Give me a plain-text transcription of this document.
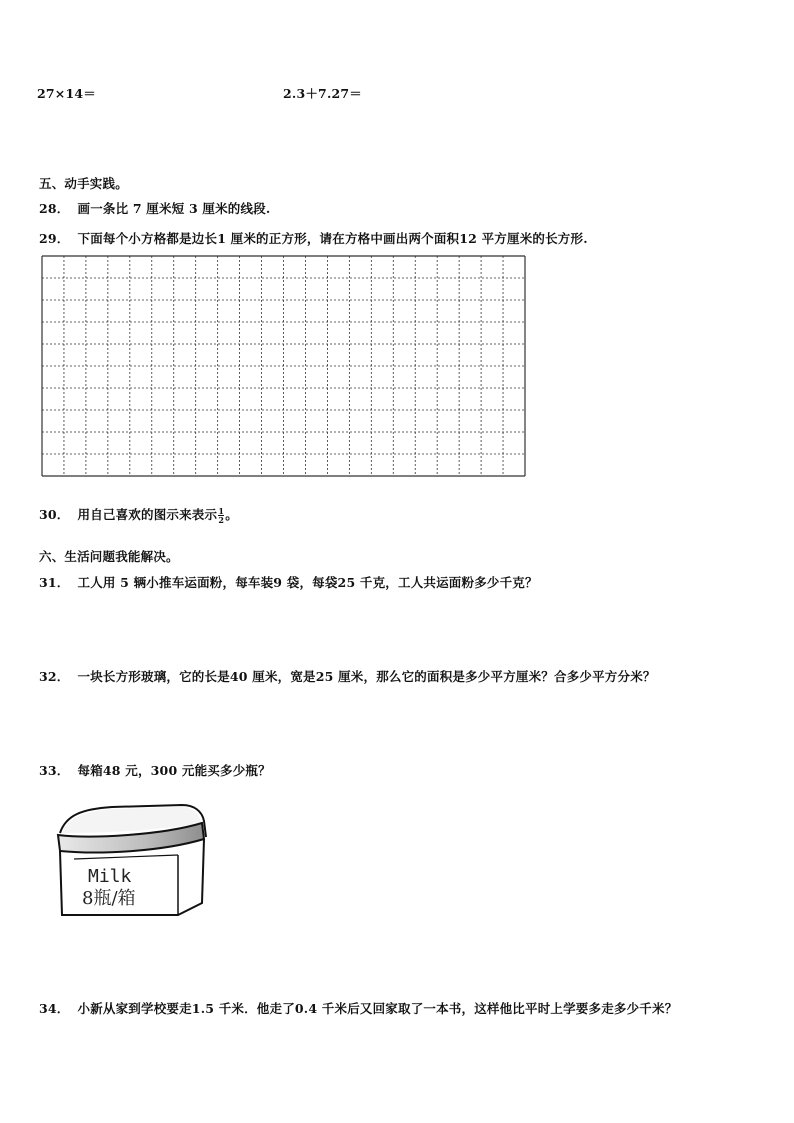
27×14＝	2.3＋7.27＝
五、动手实践。
28． 画一条比 7 厘米短 3 厘米的线段.
29． 下面每个小方格都是边长1 厘米的正方形，请在方格中画出两个面积12 平方厘米的长方形.
30． 用自己喜欢的图示来表示 $\frac{1}{2}$ 。
六、生活问题我能解决。
31． 工人用 5 辆小推车运面粉，每车装9 袋，每袋25 千克，工人共运面粉多少千克？
32． 一块长方形玻璃，它的长是40 厘米，宽是25 厘米，那么它的面积是多少平方厘米？合多少平方分米？
33． 每箱48 元，300 元能买多少瓶？
Milk
8瓶/箱
34． 小新从家到学校要走1.5 千米．他走了0.4 千米后又回家取了一本书，这样他比平时上学要多走多少千米？
